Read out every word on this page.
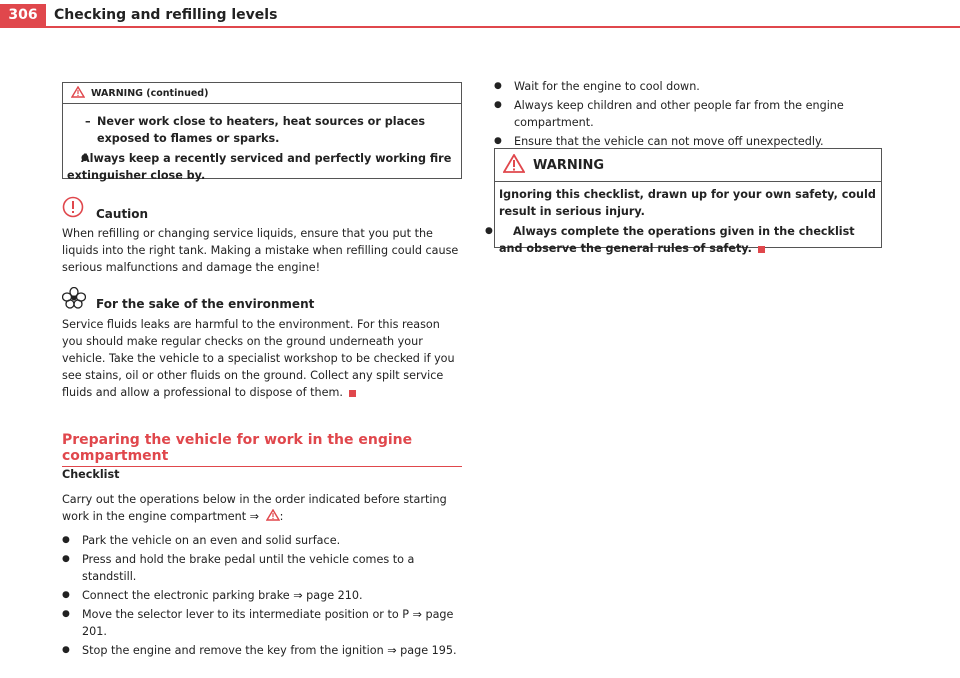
306	Checking and refilling levels
WARNING (continued)
– Never work close to heaters, heat sources or places exposed to flames or sparks.
● Always keep a recently serviced and perfectly working fire extinguisher close by.
Caution

When refilling or changing service liquids, ensure that you put the liquids into the right tank. Making a mistake when refilling could cause serious malfunctions and damage the engine!

For the sake of the environment

Service fluids leaks are harmful to the environment. For this reason you should make regular checks on the ground underneath your vehicle. Take the vehicle to a specialist workshop to be checked if you see stains, oil or other fluids on the ground. Collect any spilt service fluids and allow a professional to dispose of them.

Preparing the vehicle for work in the engine compartment
Checklist

Carry out the operations below in the order indicated before starting work in the engine compartment ⇒ :

● Park the vehicle on an even and solid surface.
● Press and hold the brake pedal until the vehicle comes to a standstill.
● Connect the electronic parking brake ⇒ page 210.
● Move the selector lever to its intermediate position or to P ⇒ page 201.
● Stop the engine and remove the key from the ignition ⇒ page 195.
● Wait for the engine to cool down.
● Always keep children and other people far from the engine compartment.
● Ensure that the vehicle can not move off unexpectedly.
WARNING

Ignoring this checklist, drawn up for your own safety, could result in serious injury.

● Always complete the operations given in the checklist and observe the general rules of safety.
